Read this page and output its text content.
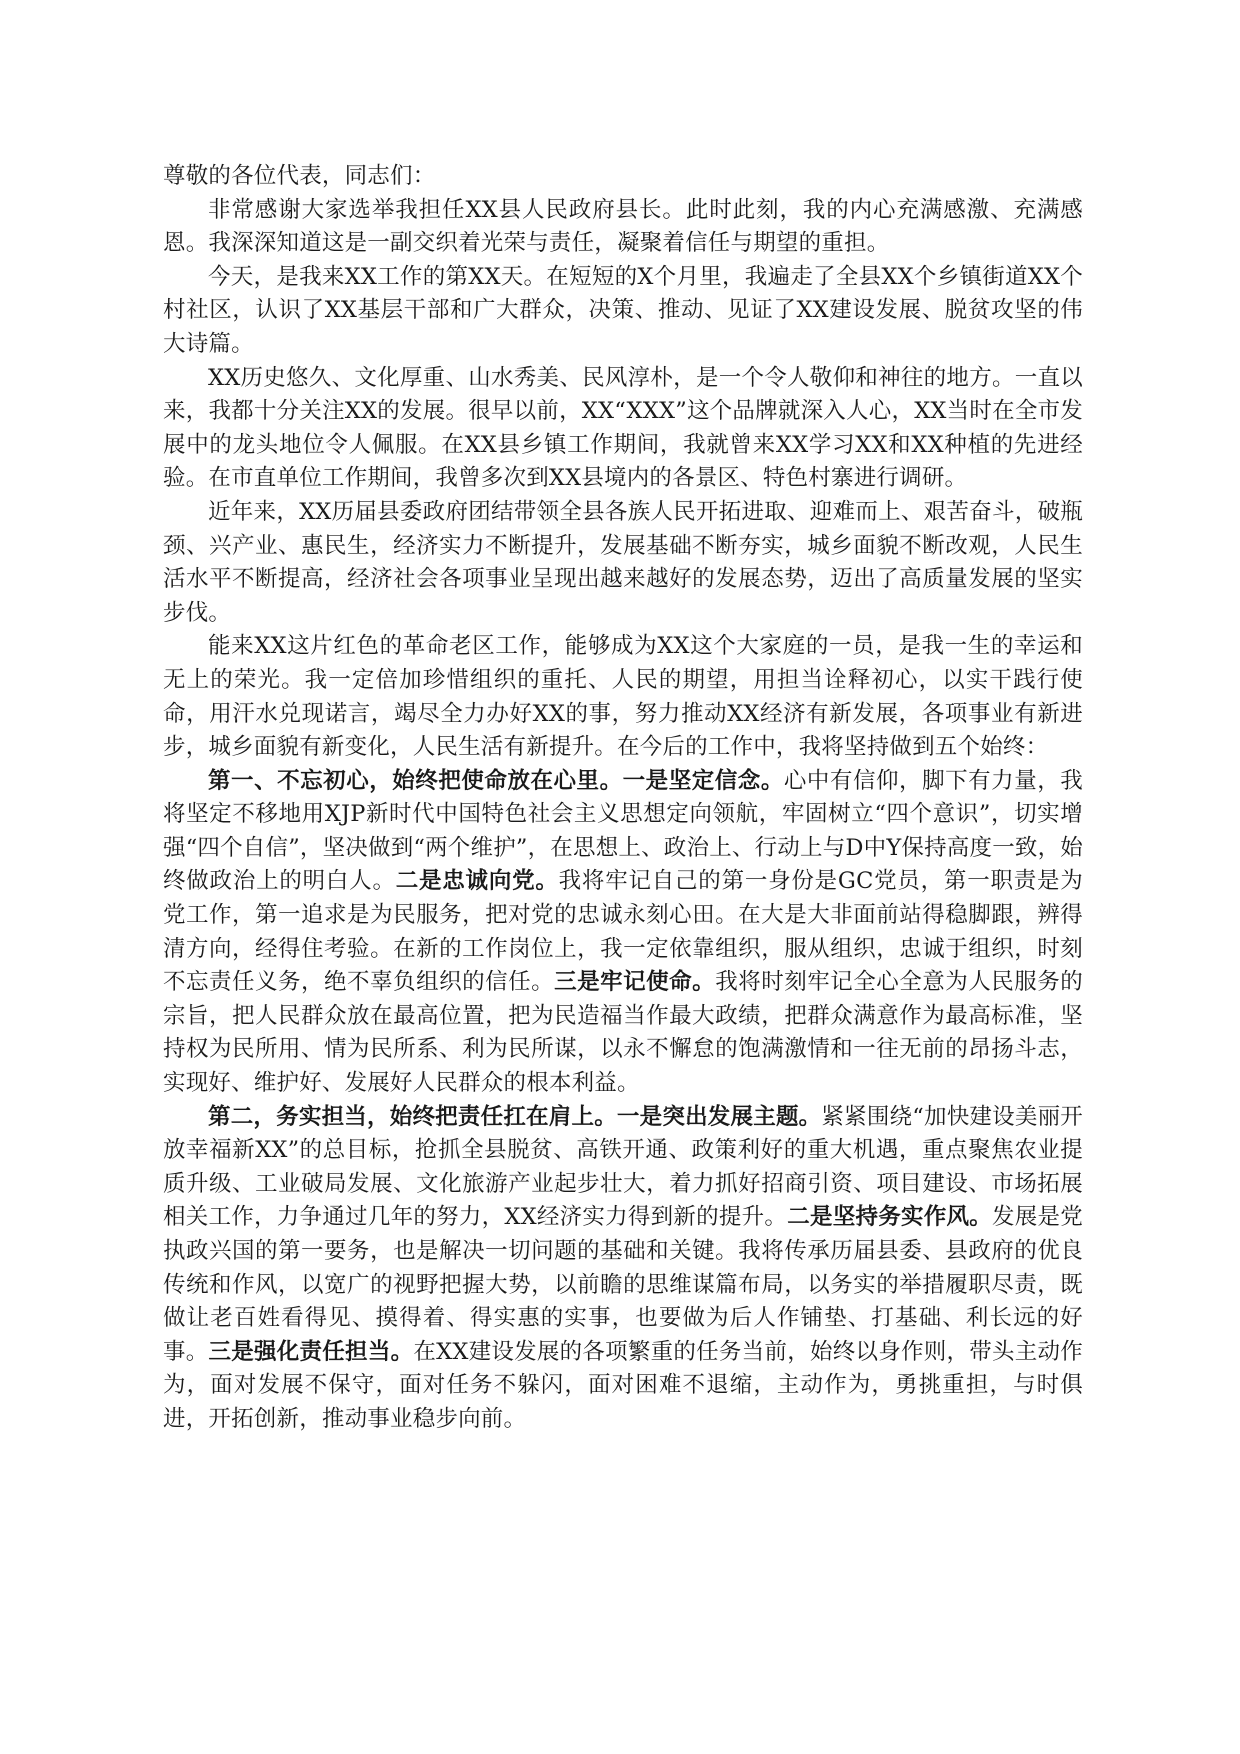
尊敬的各位代表，同志们：

非常感谢大家选举我担任XX县人民政府县长。此时此刻，我的内心充满感激、充满感恩。我深深知道这是一副交织着光荣与责任，凝聚着信任与期望的重担。

今天，是我来XX工作的第XX天。在短短的X个月里，我遍走了全县XX个乡镇街道XX个村社区，认识了XX基层干部和广大群众，决策、推动、见证了XX建设发展、脱贫攻坚的伟大诗篇。

XX历史悠久、文化厚重、山水秀美、民风淳朴，是一个令人敬仰和神往的地方。一直以来，我都十分关注XX的发展。很早以前，XX“XXX”这个品牌就深入人心，XX当时在全市发展中的龙头地位令人佩服。在XX县乡镇工作期间，我就曾来XX学习XX和XX种植的先进经验。在市直单位工作期间，我曾多次到XX县境内的各景区、特色村寨进行调研。

近年来，XX历届县委政府团结带领全县各族人民开拓进取、迎难而上、艰苦奋斗，破瓶颈、兴产业、惠民生，经济实力不断提升，发展基础不断夯实，城乡面貌不断改观，人民生活水平不断提高，经济社会各项事业呈现出越来越好的发展态势，迈出了高质量发展的坚实步伐。

能来XX这片红色的革命老区工作，能够成为XX这个大家庭的一员，是我一生的幸运和无上的荣光。我一定倍加珍惜组织的重托、人民的期望，用担当诠释初心，以实干践行使命，用汗水兑现诺言，竭尽全力办好XX的事，努力推动XX经济有新发展，各项事业有新进步，城乡面貌有新变化，人民生活有新提升。在今后的工作中，我将坚持做到五个始终：

第一、不忘初心，始终把使命放在心里。一是坚定信念。心中有信仰，脚下有力量，我将坚定不移地用XJP新时代中国特色社会主义思想定向领航，牢固树立“四个意识”，切实增强“四个自信”，坚决做到“两个维护”，在思想上、政治上、行动上与D中Y保持高度一致，始终做政治上的明白人。二是忠诚向党。我将牢记自己的第一身份是GC党员，第一职责是为党工作，第一追求是为民服务，把对党的忠诚永刻心田。在大是大非面前站得稳脚跟，辨得清方向，经得住考验。在新的工作岗位上，我一定依靠组织，服从组织，忠诚于组织，时刻不忘责任义务，绝不辜负组织的信任。三是牢记使命。我将时刻牢记全心全意为人民服务的宗旨，把人民群众放在最高位置，把为民造福当作最大政绩，把群众满意作为最高标准，坚持权为民所用、情为民所系、利为民所谋，以永不懈怠的饱满激情和一往无前的昂扬斗志，实现好、维护好、发展好人民群众的根本利益。

第二，务实担当，始终把责任扛在肩上。一是突出发展主题。紧紧围绕“加快建设美丽开放幸福新XX”的总目标，抢抓全县脱贫、高铁开通、政策利好的重大机遇，重点聚焦农业提质升级、工业破局发展、文化旅游产业起步壮大，着力抓好招商引资、项目建设、市场拓展相关工作，力争通过几年的努力，XX经济实力得到新的提升。二是坚持务实作风。发展是党执政兴国的第一要务，也是解决一切问题的基础和关键。我将传承历届县委、县政府的优良传统和作风，以宽广的视野把握大势，以前瞻的思维谋篇布局，以务实的举措履职尽责，既做让老百姓看得见、摸得着、得实惠的实事，也要做为后人作铺垫、打基础、利长远的好事。三是强化责任担当。在XX建设发展的各项繁重的任务当前，始终以身作则，带头主动作为，面对发展不保守，面对任务不躲闪，面对困难不退缩，主动作为，勇挑重担，与时俱进，开拓创新，推动事业稳步向前。
